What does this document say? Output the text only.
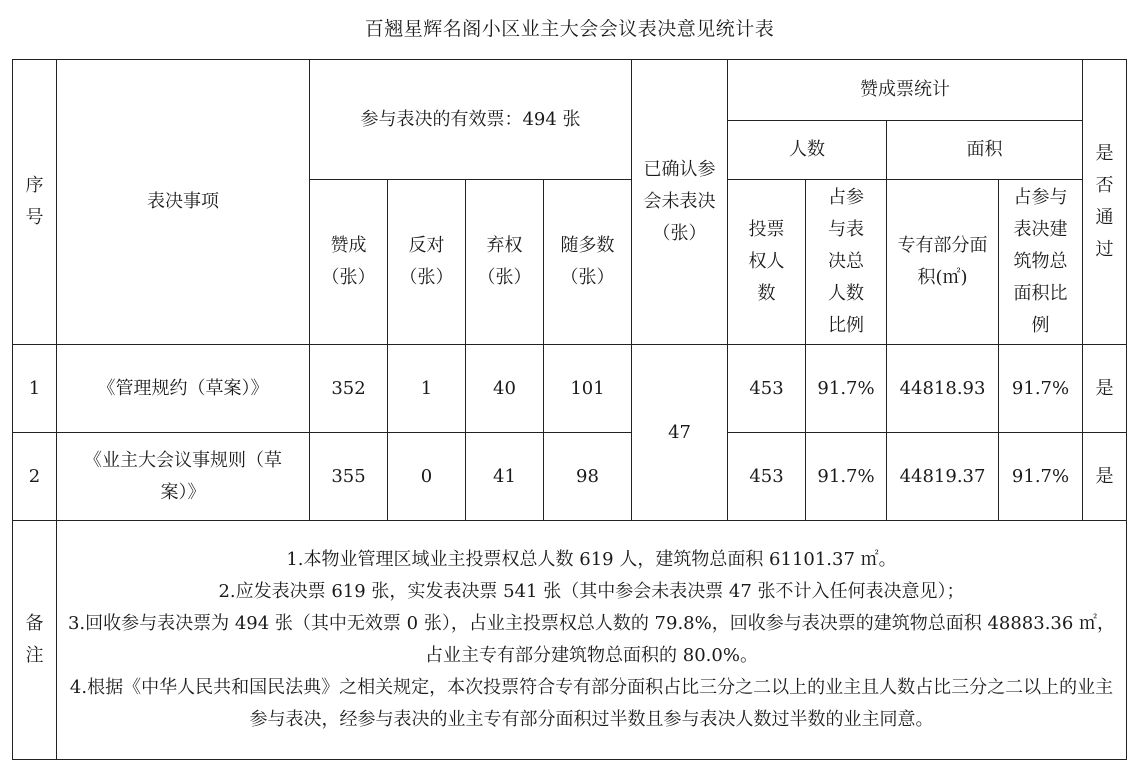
百翘星辉名阁小区业主大会会议表决意见统计表
序号	表决事项	参与表决的有效票：494 张				已确认参会未表决（张）	赞成票统计				是否通过
							人数		面积		
		赞成（张）	反对（张）	弃权（张）	随多数（张）		投票权人数	占参与表决总人数比例	专有部分面积(㎡)	占参与表决建筑物总面积比例	
1	《管理规约（草案）》	352	1	40	101	47	453	91.7%	44818.93	91.7%	是
2	《业主大会议事规则（草案）》	355	0	41	98		453	91.7%	44819.37	91.7%	是
备注	1.本物业管理区域业主投票权总人数 619 人，建筑物总面积 61101.37 ㎡。
2.应发表决票 619 张，实发表决票 541 张（其中参会未表决票 47 张不计入任何表决意见）；
3.回收参与表决票为 494 张（其中无效票 0 张），占业主投票权总人数的 79.8%，回收参与表决票的建筑物总面积 48883.36 ㎡，占业主专有部分建筑物总面积的 80.0%。
4.根据《中华人民共和国民法典》之相关规定，本次投票符合专有部分面积占比三分之二以上的业主且人数占比三分之二以上的业主参与表决，经参与表决的业主专有部分面积过半数且参与表决人数过半数的业主同意。										
